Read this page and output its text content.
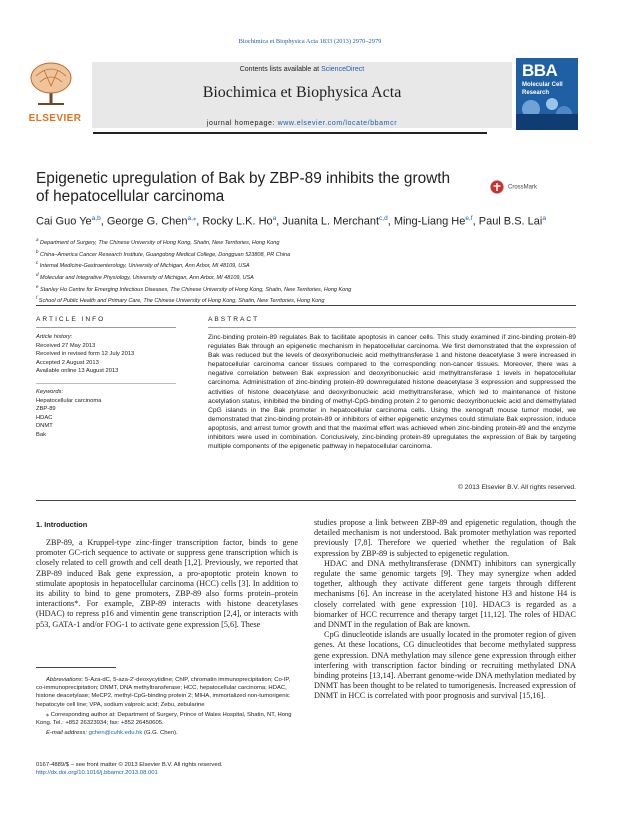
Biochimica et Biophysica Acta 1833 (2013) 2970–2979
ELSEVIER
Contents lists available at ScienceDirect
Biochimica et Biophysica Acta
journal homepage: www.elsevier.com/locate/bbamcr
BBA
Molecular Cell
Research
Epigenetic upregulation of Bak by ZBP-89 inhibits the growth of hepatocellular carcinoma
CrossMark
Cai Guo Ye$^{a,b}$, George G. Chen$^{a,⁎}$, Rocky L.K. Ho$^a$, Juanita L. Merchant$^{c,d}$, Ming-Liang He$^{e,f}$, Paul B.S. Lai$^a$
$^a$ Department of Surgery, The Chinese University of Hong Kong, Shatin, New Territories, Hong Kong
$^b$ China–America Cancer Research Institute, Guangdong Medical College, Dongguan 523808, PR China
$^c$ Internal Medicine-Gastroenterology, University of Michigan, Ann Arbor, MI 48109, USA
$^d$ Molecular and Integrative Physiology, University of Michigan, Ann Arbor, MI 48109, USA
$^e$ Stanley Ho Centre for Emerging Infectious Diseases, The Chinese University of Hong Kong, Shatin, New Territories, Hong Kong
$^f$ School of Public Health and Primary Care, The Chinese University of Hong Kong, Shatin, New Territories, Hong Kong
ARTICLE INFO	ABSTRACT
Article history:
Received 27 May 2013
Received in revised form 12 July 2013
Accepted 2 August 2013
Available online 13 August 2013
Keywords:
Hepatocellular carcinoma
ZBP-89
HDAC
DNMT
Bak
Zinc-binding protein-89 regulates Bak to facilitate apoptosis in cancer cells. This study examined if zinc-binding protein-89 regulates Bak through an epigenetic mechanism in hepatocellular carcinoma. We first demonstrated that the expression of Bak was reduced but the levels of deoxyribonucleic acid methyltransferase 1 and histone deacetylase 3 were increased in hepatocellular carcinoma cancer tissues compared to the corresponding non-cancer tissues. Moreover, there was a negative correlation between Bak expression and deoxyribonucleic acid methyltransferase 1 levels in hepatocellular carcinoma. Administration of zinc-binding protein-89 downregulated histone deacetylase 3 expression and suppressed the activities of histone deacetylase and deoxyribonucleic acid methyltransferase, which led to maintenance of histone acetylation status, inhibited the binding of methyl-CpG-binding protein 2 to genomic deoxyribonucleic acid and demethylated CpG islands in the Bak promoter in hepatocellular carcinoma cells. Using the xenograft mouse tumor model, we demonstrated that zinc-binding protein-89 or inhibitors of either epigenetic enzymes could stimulate Bak expression, induce apoptosis, and arrest tumor growth and that the maximal effert was achieved when zinc-binding protein-89 and the enzyme inhibitors were used in combination. Conclusively, zinc-binding protein-89 upregulates the expression of Bak by targeting multiple components of the epigenetic pathway in hepatocellular carcinoma.
© 2013 Elsevier B.V. All rights reserved.
1. Introduction

ZBP-89, a Kruppel-type zinc-finger transcription factor, binds to gene promoter GC-rich sequence to activate or suppress gene transcription which is closely related to cell growth and cell death [1,2]. Previously, we reported that ZBP-89 induced Bak gene expression, a pro-apoptotic protein known to stimulate apoptosis in hepatocellular carcinoma (HCC) cells [3]. In addition to its ability to bind to gene promoters, ZBP-89 also forms protein–protein interactions*. For example, ZBP-89 interacts with histone deacetylases (HDAC) to repress p16 and vimentin gene transcription [2,4], or interacts with p53, GATA-1 and/or FOG-1 to activate gene expression [5,6]. These

studies propose a link between ZBP-89 and epigenetic regulation, though the detailed mechanism is not understood. Bak promoter methylation was reported previously [7,8]. Therefore we queried whether the regulation of Bak expression by ZBP-89 is subjected to epigenetic regulation.

HDAC and DNA methyltransferase (DNMT) inhibitors can synergically regulate the same genomic targets [9]. They may synergize when added together, although they activate different gene targets through different mechanisms [6]. An increase in the acetylated histone H3 and histone H4 is closely correlated with gene expression [10]. HDAC3 is regarded as a biomarker of HCC recurrence and therapy target [11,12]. The roles of HDAC and DNMT in the regulation of Bak are known.

CpG dinucleotide islands are usually located in the promoter region of given genes. At these locations, CG dinucleotides that become methylated suppress gene expression. DNA methylation may silence gene expression through either interfering with transcription factor binding or recruiting methylated DNA binding proteins [13,14]. Aberrant genome-wide DNA methylation mediated by DNMT has been thought to be related to tumorigenesis. Increased expression of DNMT in HCC is correlated with poor prognosis and survival [15,16].

Abbreviations: 5-Aza-dC, 5-aza-2′-deoxycytidine; ChIP, chromatin immunoprecipitation; Co-IP, co-immunoprecipitation; DNMT, DNA methyltransferase; HCC, hepatocellular carcinoma; HDAC, histone deacetylase; MeCP2, methyl-CpG-binding protein 2; MIHA, immortalized non-tumorigenic hepatocyte cell line; VPA, sodium valproic acid; Zebu, zebularine

⁎ Corresponding author at: Department of Surgery, Prince of Wales Hospital, Shatin, NT, Hong Kong. Tel.: +852 26323934; fax: +852 26450605.

E-mail address: gchen@cuhk.edu.hk (G.G. Chen).

0167-4889/$ – see front matter © 2013 Elsevier B.V. All rights reserved.
http://dx.doi.org/10.1016/j.bbamcr.2013.08.001
